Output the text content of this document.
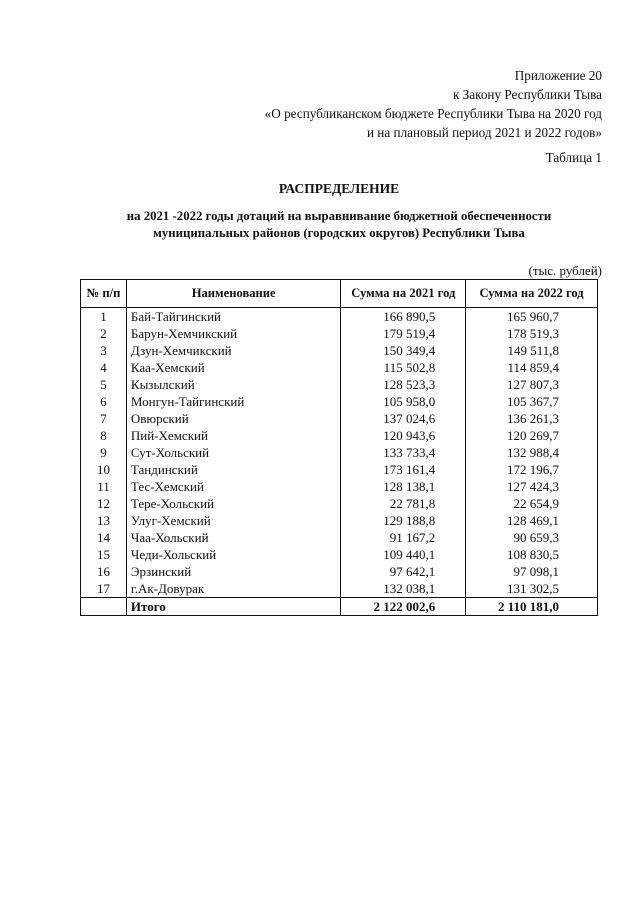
Приложение 20
к Закону Республики Тыва
«О республиканском бюджете Республики Тыва на 2020 год
и на плановый период 2021 и 2022 годов»
Таблица 1
РАСПРЕДЕЛЕНИЕ
на 2021 -2022 годы дотаций на выравнивание бюджетной обеспеченности
муниципальных районов (городских округов) Республики Тыва
(тыс. рублей)
№ п/п	Наименование	Сумма на 2021 год	Сумма на 2022 год
1	Бай-Тайгинский	166 890,5	165 960,7
2	Барун-Хемчикский	179 519,4	178 519,3
3	Дзун-Хемчикский	150 349,4	149 511,8
4	Каа-Хемский	115 502,8	114 859,4
5	Кызылский	128 523,3	127 807,3
6	Монгун-Тайгинский	105 958,0	105 367,7
7	Овюрский	137 024,6	136 261,3
8	Пий-Хемский	120 943,6	120 269,7
9	Сут-Хольский	133 733,4	132 988,4
10	Тандинский	173 161,4	172 196,7
11	Тес-Хемский	128 138,1	127 424,3
12	Тере-Хольский	22 781,8	22 654,9
13	Улуг-Хемский	129 188,8	128 469,1
14	Чаа-Хольский	91 167,2	90 659,3
15	Чеди-Хольский	109 440,1	108 830,5
16	Эрзинский	97 642,1	97 098,1
17	г.Ак-Довурак	132 038,1	131 302,5
	Итого	2 122 002,6	2 110 181,0
